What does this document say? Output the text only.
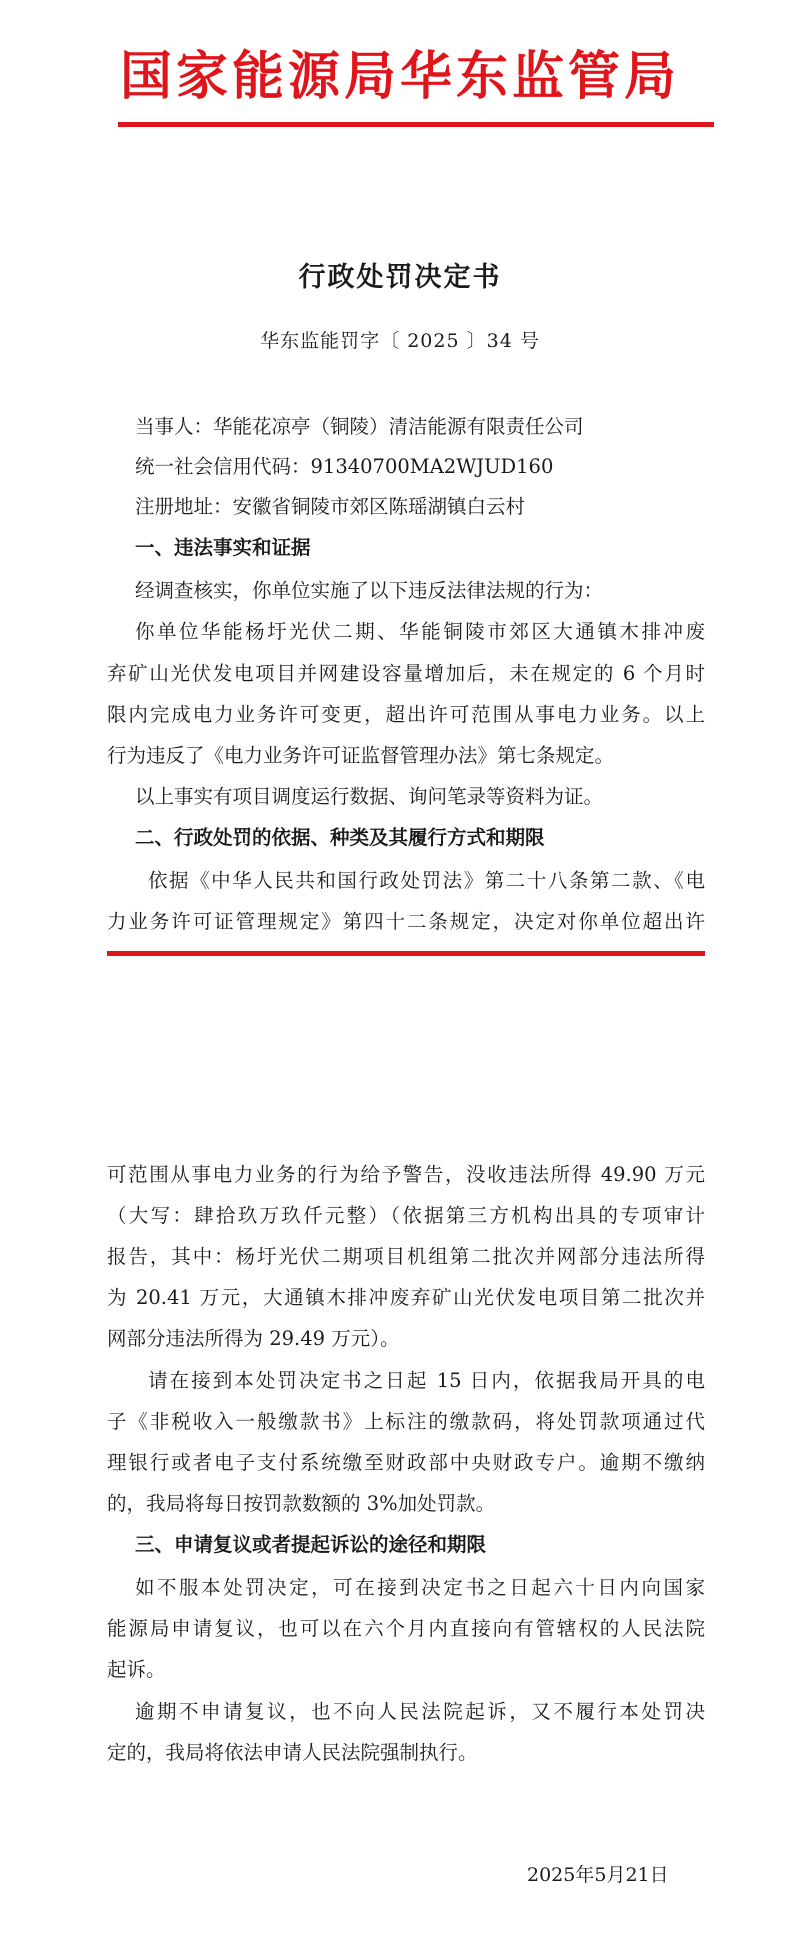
国家能源局华东监管局
行政处罚决定书
华东监能罚字〔 2025 〕34 号
当事人：华能花凉亭（铜陵）清洁能源有限责任公司
统一社会信用代码：91340700MA2WJUD160
注册地址：安徽省铜陵市郊区陈瑶湖镇白云村
一、违法事实和证据
经调查核实，你单位实施了以下违反法律法规的行为：
你单位华能杨圩光伏二期、华能铜陵市郊区大通镇木排冲废
弃矿山光伏发电项目并网建设容量增加后，未在规定的 6 个月时
限内完成电力业务许可变更，超出许可范围从事电力业务。以上
行为违反了《电力业务许可证监督管理办法》第七条规定。
以上事实有项目调度运行数据、询问笔录等资料为证。
二、行政处罚的依据、种类及其履行方式和期限
依据《中华人民共和国行政处罚法》第二十八条第二款、《电
力业务许可证管理规定》第四十二条规定，决定对你单位超出许
可范围从事电力业务的行为给予警告，没收违法所得 49.90 万元
（大写：肆拾玖万玖仟元整）（依据第三方机构出具的专项审计
报告，其中：杨圩光伏二期项目机组第二批次并网部分违法所得
为 20.41 万元，大通镇木排冲废弃矿山光伏发电项目第二批次并
网部分违法所得为 29.49 万元）。
请在接到本处罚决定书之日起 15 日内，依据我局开具的电
子《非税收入一般缴款书》上标注的缴款码，将处罚款项通过代
理银行或者电子支付系统缴至财政部中央财政专户。逾期不缴纳
的，我局将每日按罚款数额的 3%加处罚款。
三、申请复议或者提起诉讼的途径和期限
如不服本处罚决定，可在接到决定书之日起六十日内向国家
能源局申请复议，也可以在六个月内直接向有管辖权的人民法院
起诉。
逾期不申请复议，也不向人民法院起诉，又不履行本处罚决
定的，我局将依法申请人民法院强制执行。
2025年5月21日
